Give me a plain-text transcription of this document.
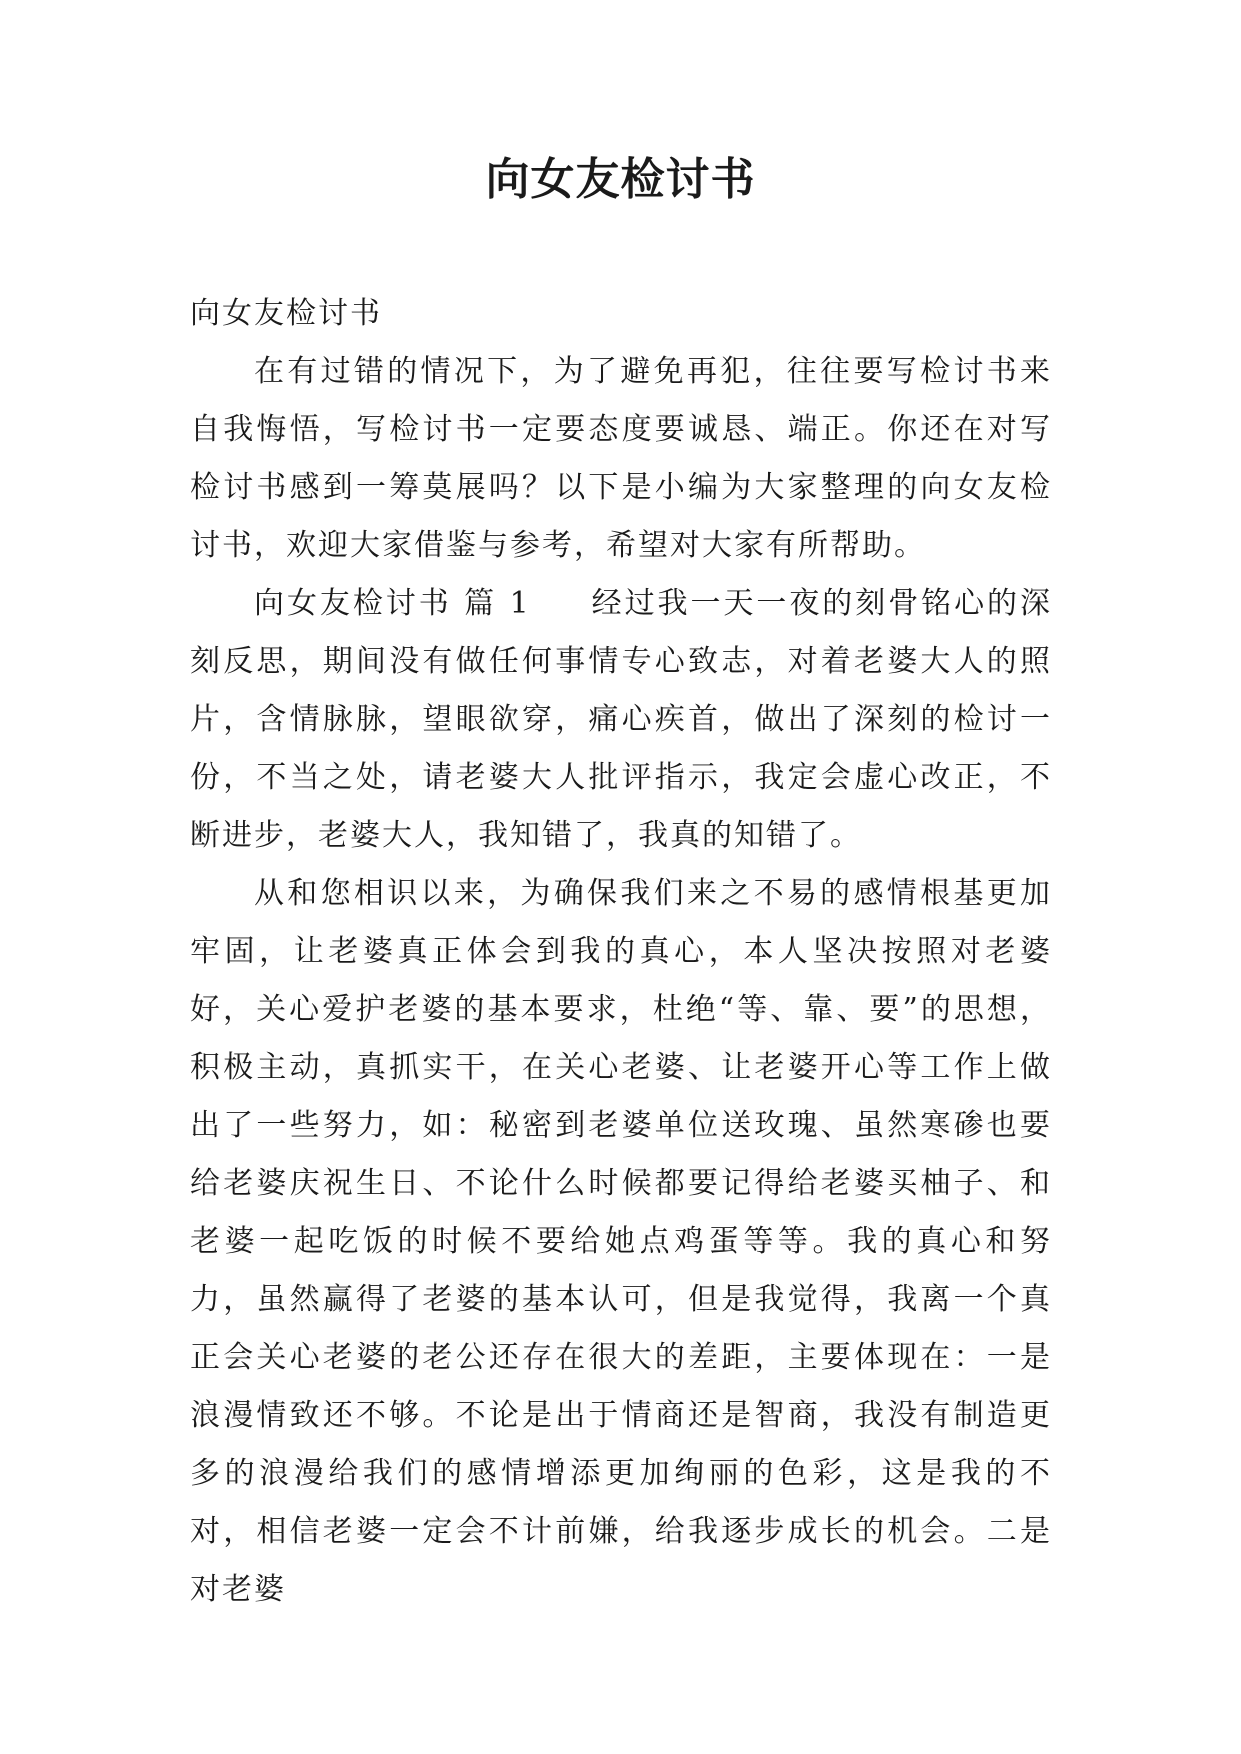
向女友检讨书

向女友检讨书

在有过错的情况下，为了避免再犯，往往要写检讨书来自我悔悟，写检讨书一定要态度要诚恳、端正。你还在对写检讨书感到一筹莫展吗？以下是小编为大家整理的向女友检讨书，欢迎大家借鉴与参考，希望对大家有所帮助。

向女友检讨书 篇 1 经过我一天一夜的刻骨铭心的深刻反思，期间没有做任何事情专心致志，对着老婆大人的照片，含情脉脉，望眼欲穿，痛心疾首，做出了深刻的检讨一份，不当之处，请老婆大人批评指示，我定会虚心改正，不断进步，老婆大人，我知错了，我真的知错了。

从和您相识以来，为确保我们来之不易的感情根基更加牢固，让老婆真正体会到我的真心，本人坚决按照对老婆好，关心爱护老婆的基本要求，杜绝“等、靠、要”的思想，积极主动，真抓实干，在关心老婆、让老婆开心等工作上做出了一些努力，如：秘密到老婆单位送玫瑰、虽然寒碜也要给老婆庆祝生日、不论什么时候都要记得给老婆买柚子、和老婆一起吃饭的时候不要给她点鸡蛋等等。我的真心和努力，虽然赢得了老婆的基本认可，但是我觉得，我离一个真正会关心老婆的老公还存在很大的差距，主要体现在：一是浪漫情致还不够。不论是出于情商还是智商，我没有制造更多的浪漫给我们的感情增添更加绚丽的色彩，这是我的不对，相信老婆一定会不计前嫌，给我逐步成长的机会。二是对老婆
